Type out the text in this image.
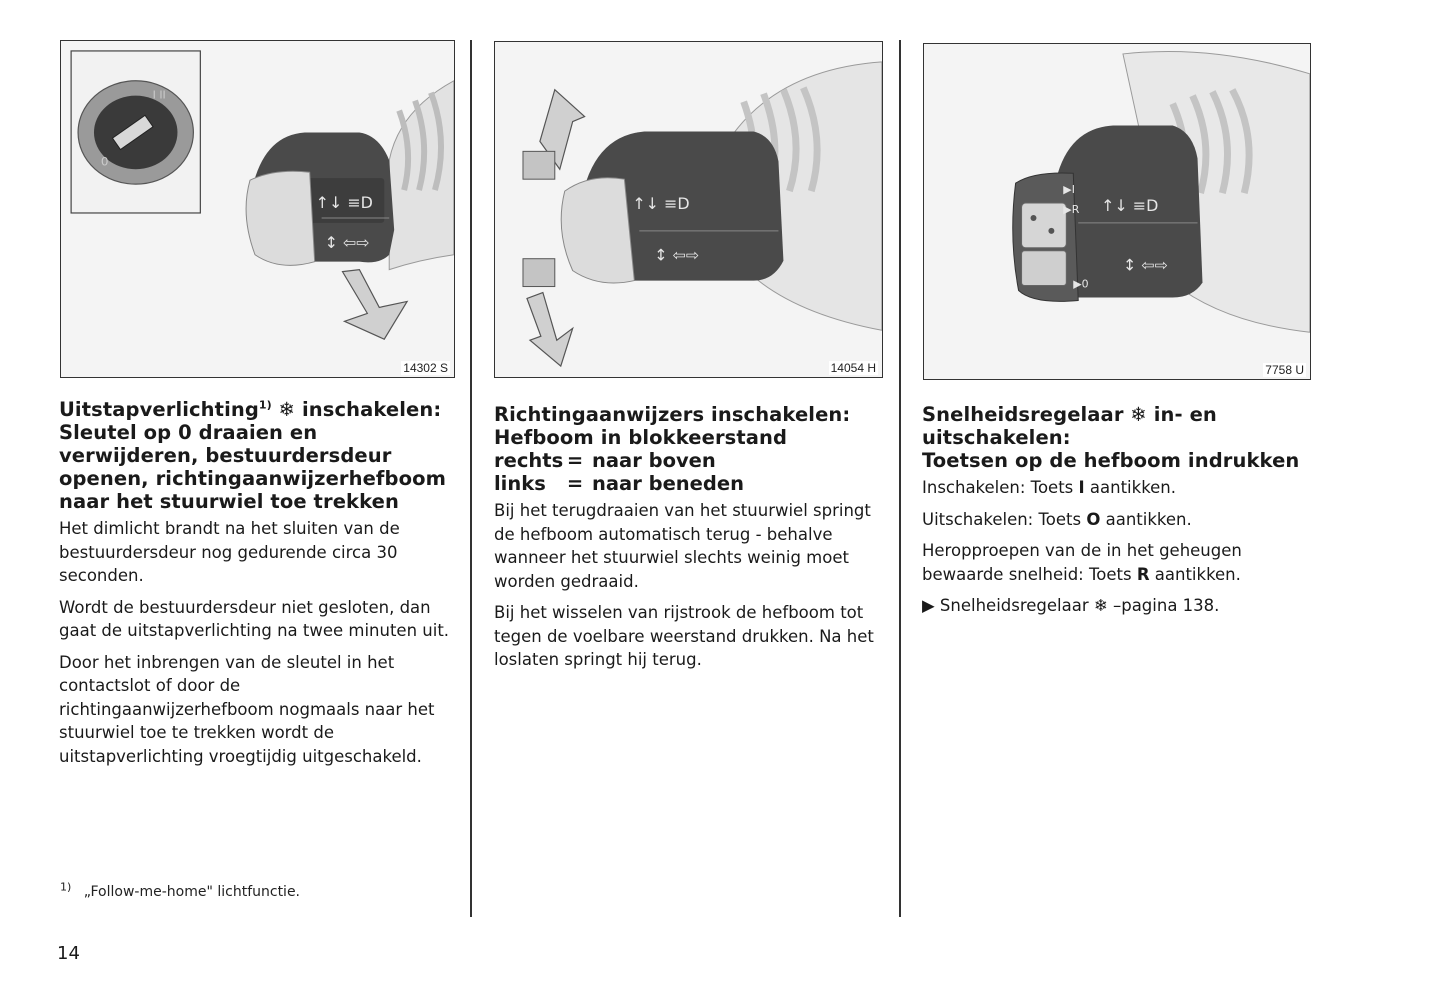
↑↓ ≡D
↕ ⇦⇨
0
I II
14302 S
↑↓ ≡D
↕ ⇦⇨
14054 H
▶I
▶R ↑↓ ≡D
▶0
↕ ⇦⇨
7758 U

Uitstapverlichting$^{1)}$ ❄ inschakelen:

Sleutel op 0 draaien en verwijderen, bestuurdersdeur openen, richtingaanwijzerhefboom naar het stuurwiel toe trekken

Het dimlicht brandt na het sluiten van de bestuurdersdeur nog gedurende circa 30 seconden.

Wordt de bestuurdersdeur niet gesloten, dan gaat de uitstapverlichting na twee minuten uit.

Door het inbrengen van de sleutel in het contactslot of door de richtingaanwijzerhefboom nogmaals naar het stuurwiel toe te trekken wordt de uitstapverlichting vroegtijdig uitgeschakeld.

Richtingaanwijzers inschakelen:

Hefboom in blokkeerstand

rechts = naar boven
links	= naar beneden

Bij het terugdraaien van het stuurwiel springt de hefboom automatisch terug - behalve wanneer het stuurwiel slechts weinig moet worden gedraaid.

Bij het wisselen van rijstrook de hefboom tot tegen de voelbare weerstand drukken. Na het loslaten springt hij terug.

Snelheidsregelaar ❄ in- en

uitschakelen:

Toetsen op de hefboom indrukken

Inschakelen: Toets I aantikken.

Uitschakelen: Toets O aantikken.

Heropproepen van de in het geheugen bewaarde snelheid: Toets R aantikken.

▶ Snelheidsregelaar ❄ –pagina 138.

$^{1)}$ „Follow-me-home" lichtfunctie.
14
